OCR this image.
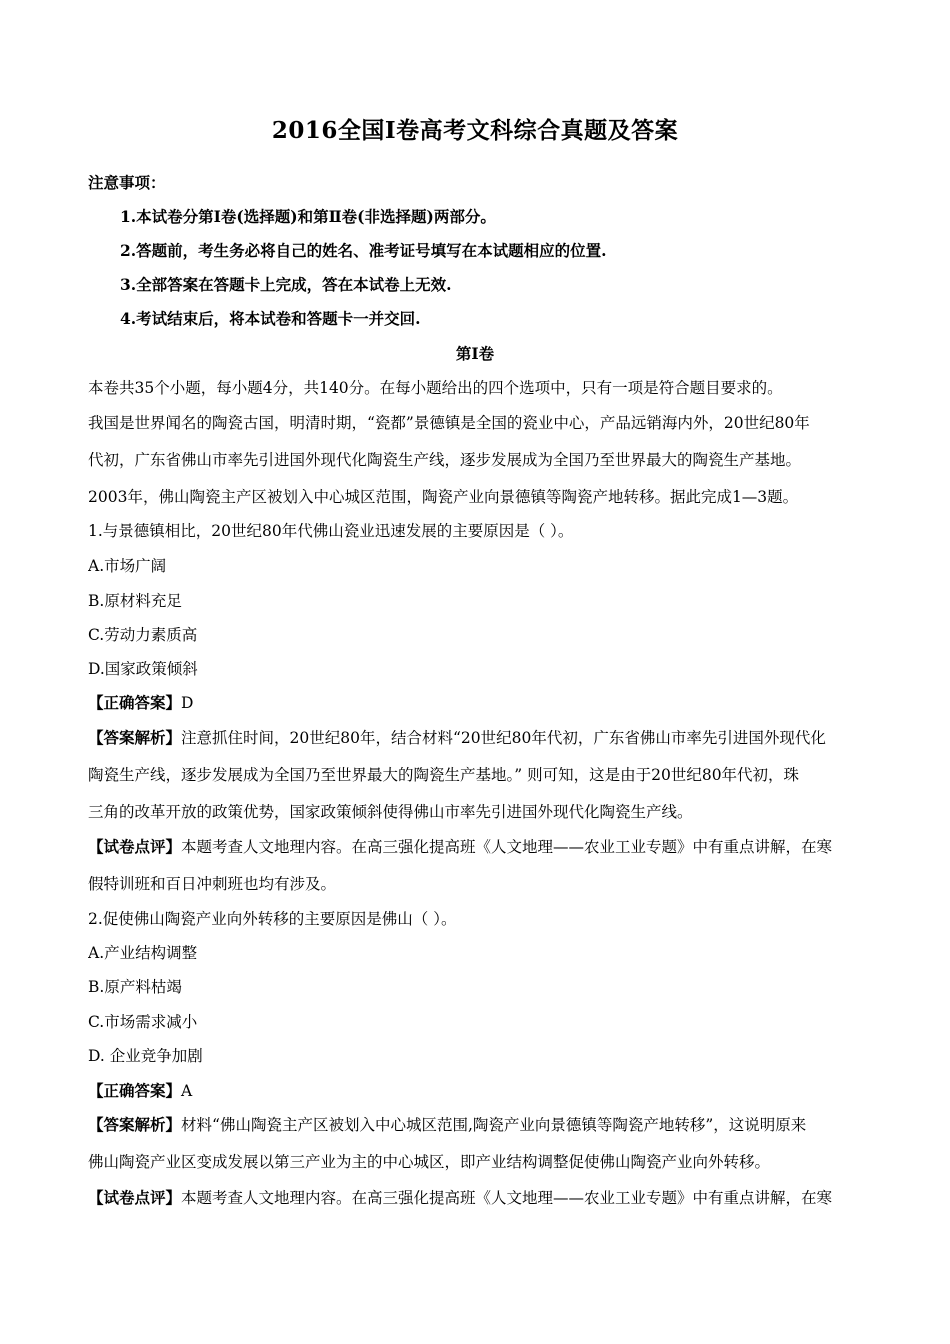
2016全国Ⅰ卷高考文科综合真题及答案
注意事项：
1.本试卷分第Ⅰ卷(选择题)和第Ⅱ卷(非选择题)两部分。
2.答题前，考生务必将自己的姓名、准考证号填写在本试题相应的位置.
3.全部答案在答题卡上完成，答在本试卷上无效.
4.考试结束后，将本试卷和答题卡一并交回.
第Ⅰ卷
本卷共35个小题，每小题4分，共140分。在每小题给出的四个选项中，只有一项是符合题目要求的。
我国是世界闻名的陶瓷古国，明清时期，“瓷都”景德镇是全国的瓷业中心，产品远销海内外，20世纪80年
代初，广东省佛山市率先引进国外现代化陶瓷生产线，逐步发展成为全国乃至世界最大的陶瓷生产基地。
2003年，佛山陶瓷主产区被划入中心城区范围，陶瓷产业向景德镇等陶瓷产地转移。据此完成1—3题。
1.与景德镇相比，20世纪80年代佛山瓷业迅速发展的主要原因是（ ）。
A.市场广阔
B.原材料充足
C.劳动力素质高
D.国家政策倾斜
【正确答案】D
【答案解析】注意抓住时间，20世纪80年，结合材料“20世纪80年代初，广东省佛山市率先引进国外现代化
陶瓷生产线，逐步发展成为全国乃至世界最大的陶瓷生产基地。” 则可知，这是由于20世纪80年代初，珠
三角的改革开放的政策优势，国家政策倾斜使得佛山市率先引进国外现代化陶瓷生产线。
【试卷点评】本题考查人文地理内容。在高三强化提高班《人文地理——农业工业专题》中有重点讲解，在寒
假特训班和百日冲刺班也均有涉及。
2.促使佛山陶瓷产业向外转移的主要原因是佛山（ ）。
A.产业结构调整
B.原产料枯竭
C.市场需求减小
D. 企业竞争加剧
【正确答案】A
【答案解析】材料“佛山陶瓷主产区被划入中心城区范围,陶瓷产业向景德镇等陶瓷产地转移”，这说明原来
佛山陶瓷产业区变成发展以第三产业为主的中心城区，即产业结构调整促使佛山陶瓷产业向外转移。
【试卷点评】本题考查人文地理内容。在高三强化提高班《人文地理——农业工业专题》中有重点讲解，在寒
